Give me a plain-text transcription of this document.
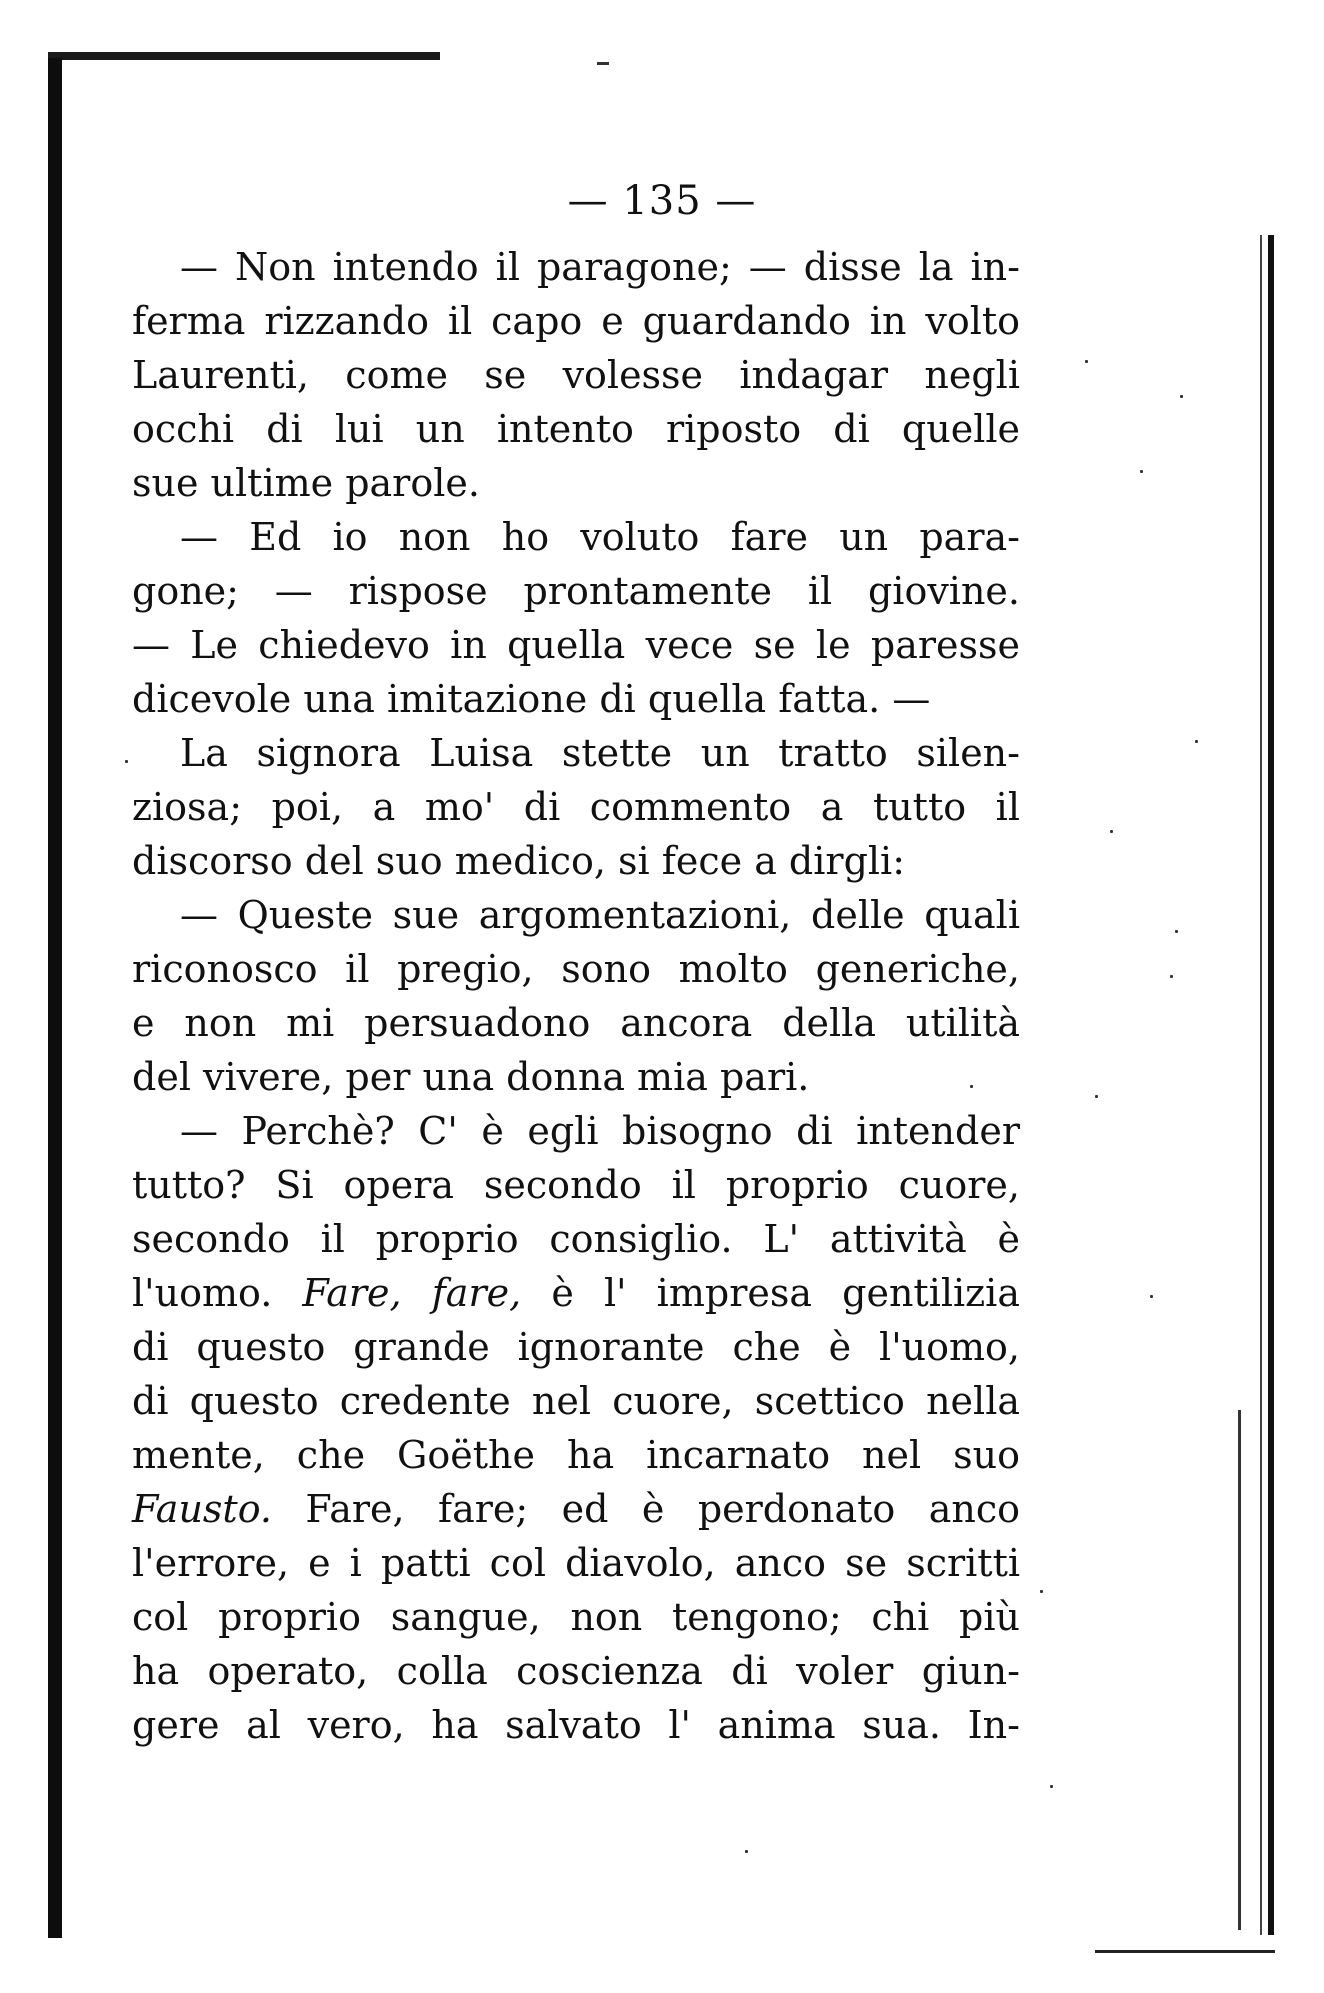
— 135 —
— Non intendo il paragone; — disse la in-
ferma rizzando il capo e guardando in volto
Laurenti, come se volesse indagar negli
occhi di lui un intento riposto di quelle
sue ultime parole.
— Ed io non ho voluto fare un para-
gone; — rispose prontamente il giovine.
— Le chiedevo in quella vece se le paresse
dicevole una imitazione di quella fatta. —
La signora Luisa stette un tratto silen-
ziosa; poi, a mo' di commento a tutto il
discorso del suo medico, si fece a dirgli:
— Queste sue argomentazioni, delle quali
riconosco il pregio, sono molto generiche,
e non mi persuadono ancora della utilità
del vivere, per una donna mia pari.
— Perchè? C' è egli bisogno di intender
tutto? Si opera secondo il proprio cuore,
secondo il proprio consiglio. L' attività è
l'uomo. Fare, fare, è l' impresa gentilizia
di questo grande ignorante che è l'uomo,
di questo credente nel cuore, scettico nella
mente, che Goëthe ha incarnato nel suo
Fausto. Fare, fare; ed è perdonato anco
l'errore, e i patti col diavolo, anco se scritti
col proprio sangue, non tengono; chi più
ha operato, colla coscienza di voler giun-
gere al vero, ha salvato l' anima sua. In-
